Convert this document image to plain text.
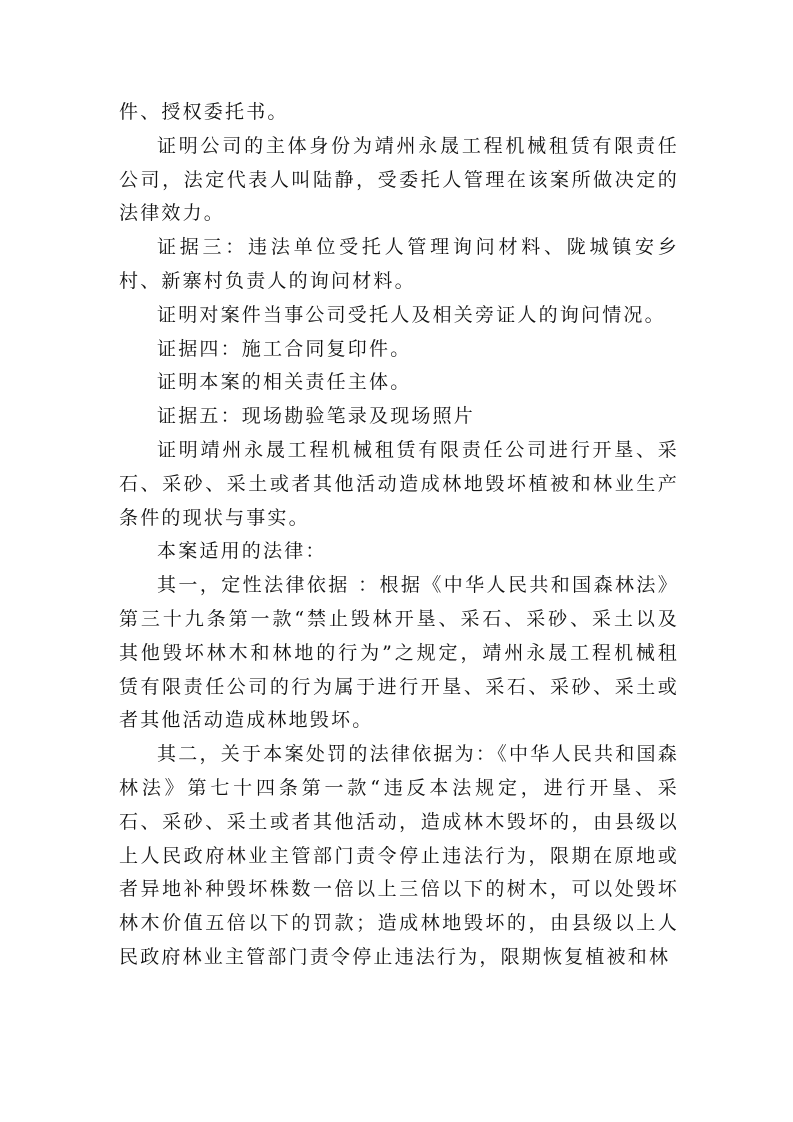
件、授权委托书。

证明公司的主体身份为靖州永晟工程机械租赁有限责任公司，法定代表人叫陆静，受委托人管理在该案所做决定的法律效力。

证据三：违法单位受托人管理询问材料、陇城镇安乡村、新寨村负责人的询问材料。

证明对案件当事公司受托人及相关旁证人的询问情况。

证据四：施工合同复印件。

证明本案的相关责任主体。

证据五：现场勘验笔录及现场照片

证明靖州永晟工程机械租赁有限责任公司进行开垦、采石、采砂、采土或者其他活动造成林地毁坏植被和林业生产条件的现状与事实。

本案适用的法律：

其一，定性法律依据 ：根据《中华人民共和国森林法》第三十九条第一款“禁止毁林开垦、采石、采砂、采土以及其他毁坏林木和林地的行为”之规定，靖州永晟工程机械租赁有限责任公司的行为属于进行开垦、采石、采砂、采土或者其他活动造成林地毁坏。

其二，关于本案处罚的法律依据为：《中华人民共和国森林法》第七十四条第一款“违反本法规定，进行开垦、采石、采砂、采土或者其他活动，造成林木毁坏的，由县级以上人民政府林业主管部门责令停止违法行为，限期在原地或者异地补种毁坏株数一倍以上三倍以下的树木，可以处毁坏林木价值五倍以下的罚款；造成林地毁坏的，由县级以上人民政府林业主管部门责令停止违法行为，限期恢复植被和林
